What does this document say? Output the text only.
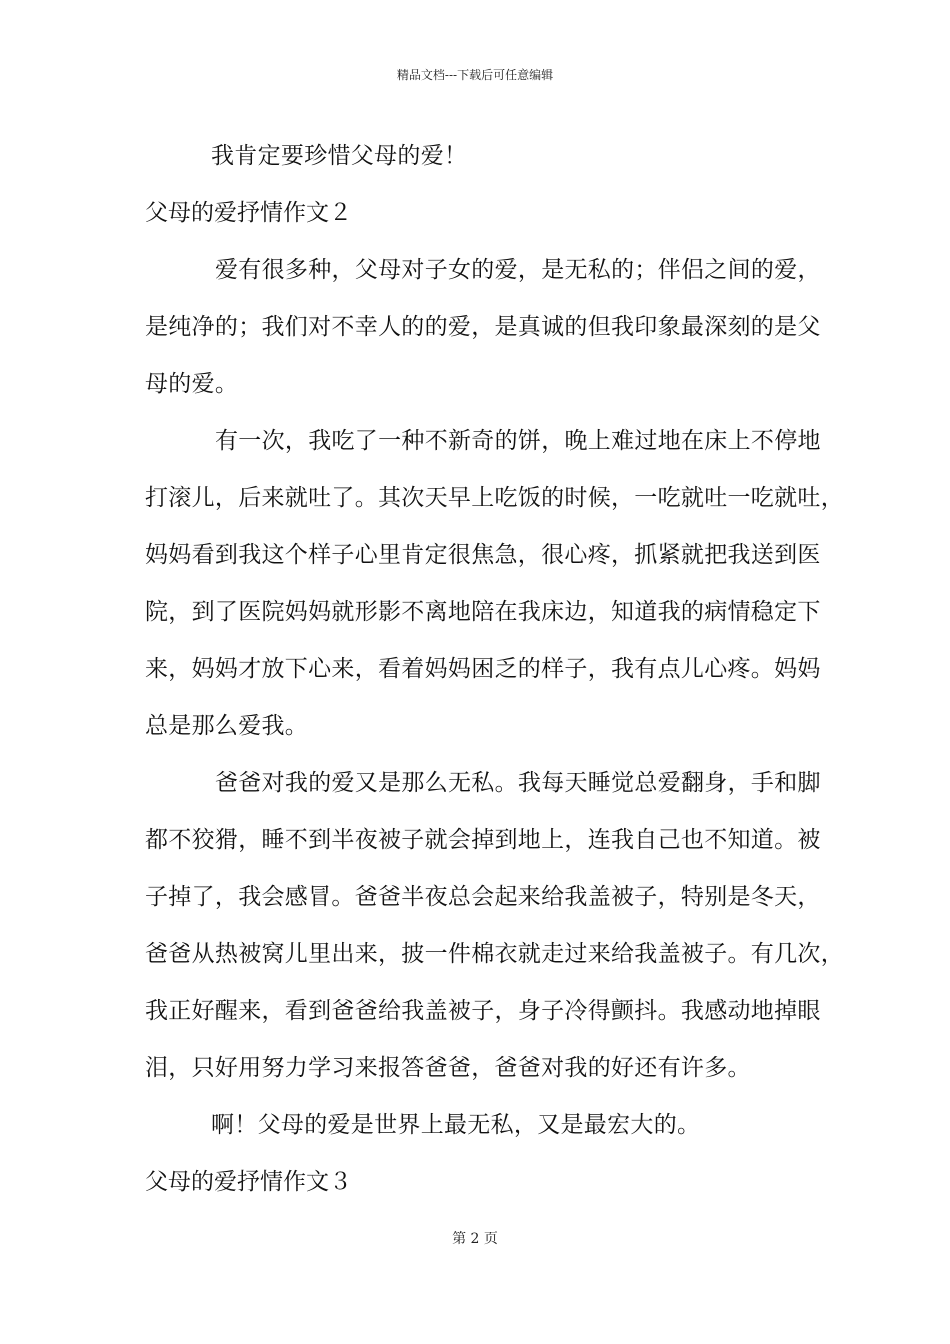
精品文档---下载后可任意编辑
我肯定要珍惜父母的爱！
父母的爱抒情作文２
爱有很多种，父母对子女的爱，是无私的；伴侣之间的爱，
是纯净的；我们对不幸人的的爱，是真诚的但我印象最深刻的是父
母的爱。
有一次，我吃了一种不新奇的饼，晚上难过地在床上不停地
打滚儿，后来就吐了。其次天早上吃饭的时候，一吃就吐一吃就吐，
妈妈看到我这个样子心里肯定很焦急，很心疼，抓紧就把我送到医
院，到了医院妈妈就形影不离地陪在我床边，知道我的病情稳定下
来，妈妈才放下心来，看着妈妈困乏的样子，我有点儿心疼。妈妈
总是那么爱我。
爸爸对我的爱又是那么无私。我每天睡觉总爱翻身，手和脚
都不狡猾，睡不到半夜被子就会掉到地上，连我自己也不知道。被
子掉了，我会感冒。爸爸半夜总会起来给我盖被子，特别是冬天，
爸爸从热被窝儿里出来，披一件棉衣就走过来给我盖被子。有几次，
我正好醒来，看到爸爸给我盖被子，身子冷得颤抖。我感动地掉眼
泪，只好用努力学习来报答爸爸，爸爸对我的好还有许多。
啊！父母的爱是世界上最无私，又是最宏大的。
父母的爱抒情作文３
第 2 页
